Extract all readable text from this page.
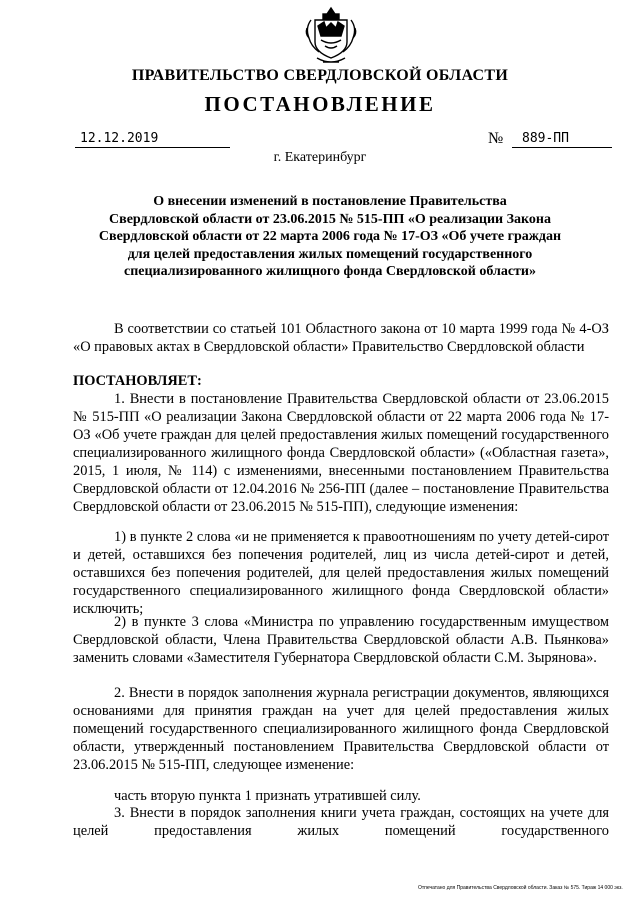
ПРАВИТЕЛЬСТВО СВЕРДЛОВСКОЙ ОБЛАСТИ
ПОСТАНОВЛЕНИЕ
12.12.2019	№	889-ПП
г. Екатеринбург
О внесении изменений в постановление Правительства
Свердловской области от 23.06.2015 № 515-ПП «О реализации Закона
Свердловской области от 22 марта 2006 года № 17-ОЗ «Об учете граждан
для целей предоставления жилых помещений государственного
специализированного жилищного фонда Свердловской области»

В соответствии со статьей 101 Областного закона от 10 марта 1999 года № 4-ОЗ «О правовых актах в Свердловской области» Правительство Свердловской области

ПОСТАНОВЛЯЕТ:

1. Внести в постановление Правительства Свердловской области от 23.06.2015 № 515-ПП «О реализации Закона Свердловской области от 22 марта 2006 года № 17-ОЗ «Об учете граждан для целей предоставления жилых помещений государственного специализированного жилищного фонда Свердловской области» («Областная газета», 2015, 1 июля, № 114) с изменениями, внесенными постановлением Правительства Свердловской области от 12.04.2016 № 256-ПП (далее – постановление Правительства Свердловской области от 23.06.2015 № 515-ПП), следующие изменения:

1) в пункте 2 слова «и не применяется к правоотношениям по учету детей-сирот и детей, оставшихся без попечения родителей, лиц из числа детей-сирот и детей, оставшихся без попечения родителей, для целей предоставления жилых помещений государственного специализированного жилищного фонда Свердловской области» исключить;

2) в пункте 3 слова «Министра по управлению государственным имуществом Свердловской области, Члена Правительства Свердловской области А.В. Пьянкова» заменить словами «Заместителя Губернатора Свердловской области С.М. Зырянова».

2. Внести в порядок заполнения журнала регистрации документов, являющихся основаниями для принятия граждан на учет для целей предоставления жилых помещений государственного специализированного жилищного фонда Свердловской области, утвержденный постановлением Правительства Свердловской области от 23.06.2015 № 515-ПП, следующее изменение:

часть вторую пункта 1 признать утратившей силу.

3. Внести в порядок заполнения книги учета граждан, состоящих на учете для целей предоставления жилых помещений государственного

Отпечатано для Правительства Свердловской области. Заказ № 575. Тираж 14 000 экз.
